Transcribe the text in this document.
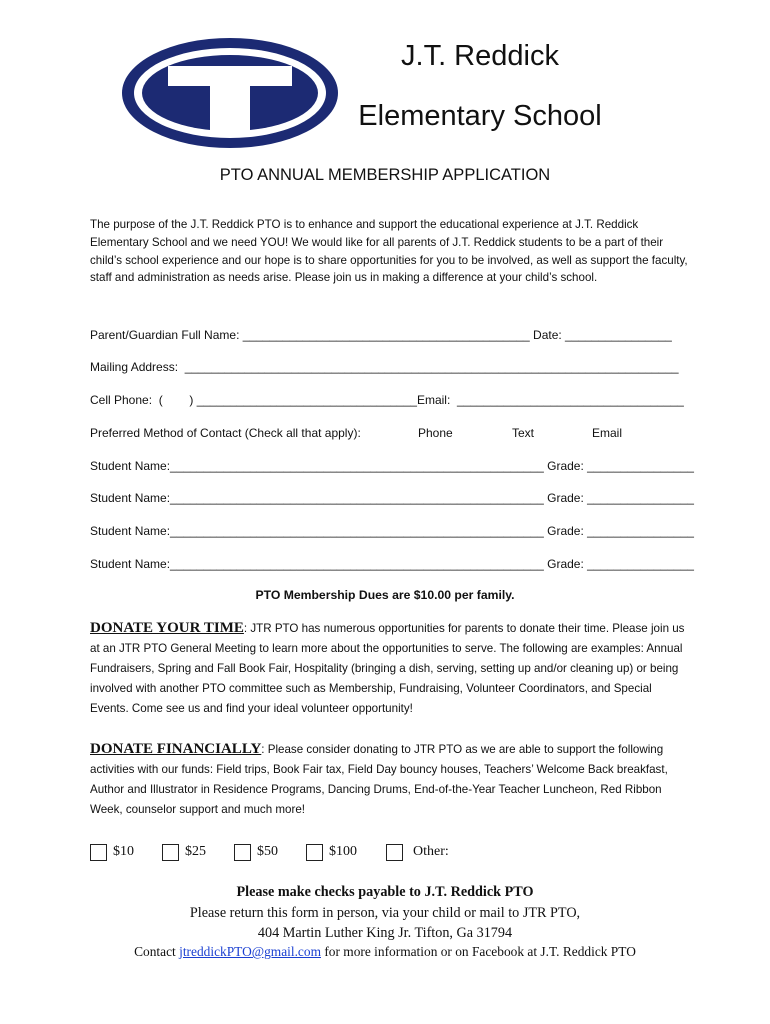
J.T. Reddick
Elementary School
PTO ANNUAL MEMBERSHIP APPLICATION
The purpose of the J.T. Reddick PTO is to enhance and support the educational experience at J.T. Reddick Elementary School and we need YOU! We would like for all parents of J.T. Reddick students to be a part of their child’s school experience and our hope is to share opportunities for you to be involved, as well as support the faculty, staff and administration as needs arise. Please join us in making a difference at your child’s school.
Parent/Guardian Full Name: ___________________________________________ Date: ________________
Mailing Address:  __________________________________________________________________________
Cell Phone:  (        ) _________________________________Email:  __________________________________
Preferred Method of Contact (Check all that apply):	Phone	Text	Email
Student Name:________________________________________________________ Grade: ________________
Student Name:________________________________________________________ Grade: ________________
Student Name:________________________________________________________ Grade: ________________
Student Name:________________________________________________________ Grade: ________________
PTO Membership Dues are $10.00 per family.
DONATE YOUR TIME: JTR PTO has numerous opportunities for parents to donate their time. Please join us at an JTR PTO General Meeting to learn more about the opportunities to serve. The following are examples: Annual Fundraisers, Spring and Fall Book Fair, Hospitality (bringing a dish, serving, setting up and/or cleaning up) or being involved with another PTO committee such as Membership, Fundraising, Volunteer Coordinators, and Special Events. Come see us and find your ideal volunteer opportunity!
DONATE FINANCIALLY: Please consider donating to JTR PTO as we are able to support the following activities with our funds: Field trips, Book Fair tax, Field Day bouncy houses, Teachers’ Welcome Back breakfast, Author and Illustrator in Residence Programs, Dancing Drums, End-of-the-Year Teacher Luncheon, Red Ribbon Week, counselor support and much more!
$10	$25	$50	$100	Other:
Please make checks payable to J.T. Reddick PTO
Please return this form in person, via your child or mail to JTR PTO,
404 Martin Luther King Jr. Tifton, Ga 31794
Contact jtreddickPTO@gmail.com for more information or on Facebook at J.T. Reddick PTO
